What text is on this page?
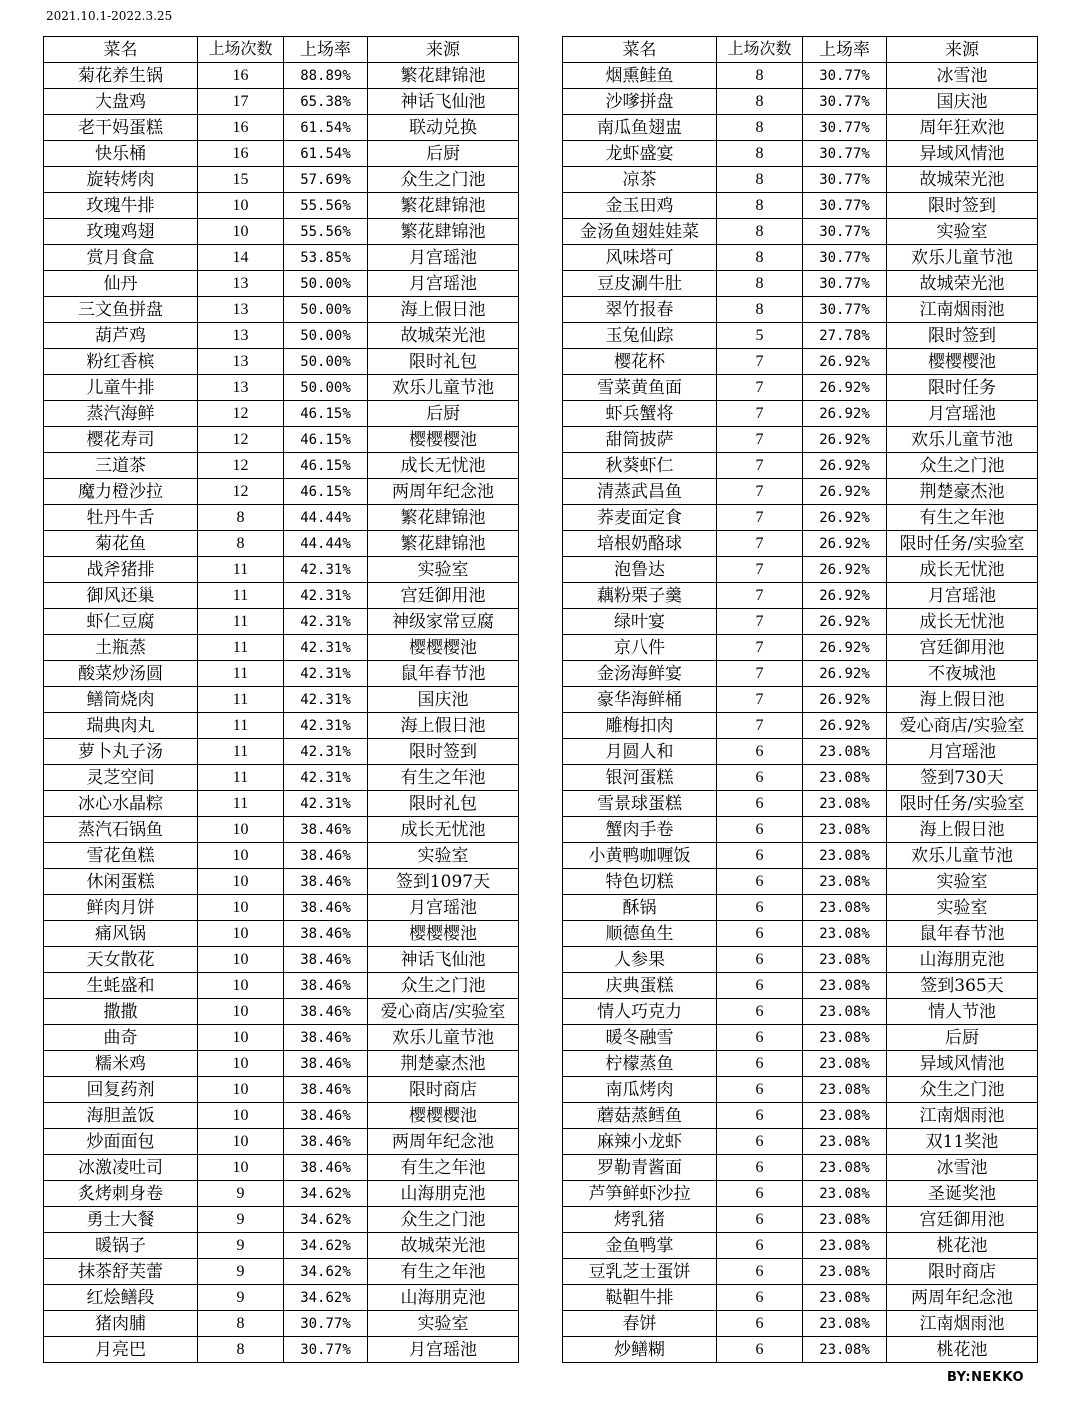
2021.10.1-2022.3.25
菜名	上场次数	上场率	来源
菊花养生锅	16	88.89%	繁花肆锦池
大盘鸡	17	65.38%	神话飞仙池
老干妈蛋糕	16	61.54%	联动兑换
快乐桶	16	61.54%	后厨
旋转烤肉	15	57.69%	众生之门池
玫瑰牛排	10	55.56%	繁花肆锦池
玫瑰鸡翅	10	55.56%	繁花肆锦池
赏月食盒	14	53.85%	月宫瑶池
仙丹	13	50.00%	月宫瑶池
三文鱼拼盘	13	50.00%	海上假日池
葫芦鸡	13	50.00%	故城荣光池
粉红香槟	13	50.00%	限时礼包
儿童牛排	13	50.00%	欢乐儿童节池
蒸汽海鲜	12	46.15%	后厨
樱花寿司	12	46.15%	樱樱樱池
三道茶	12	46.15%	成长无忧池
魔力橙沙拉	12	46.15%	两周年纪念池
牡丹牛舌	8	44.44%	繁花肆锦池
菊花鱼	8	44.44%	繁花肆锦池
战斧猪排	11	42.31%	实验室
御风还巢	11	42.31%	宫廷御用池
虾仁豆腐	11	42.31%	神级家常豆腐
土瓶蒸	11	42.31%	樱樱樱池
酸菜炒汤圆	11	42.31%	鼠年春节池
鳝筒烧肉	11	42.31%	国庆池
瑞典肉丸	11	42.31%	海上假日池
萝卜丸子汤	11	42.31%	限时签到
灵芝空间	11	42.31%	有生之年池
冰心水晶粽	11	42.31%	限时礼包
蒸汽石锅鱼	10	38.46%	成长无忧池
雪花鱼糕	10	38.46%	实验室
休闲蛋糕	10	38.46%	签到1097天
鲜肉月饼	10	38.46%	月宫瑶池
痛风锅	10	38.46%	樱樱樱池
天女散花	10	38.46%	神话飞仙池
生蚝盛和	10	38.46%	众生之门池
撒撒	10	38.46%	爱心商店/实验室
曲奇	10	38.46%	欢乐儿童节池
糯米鸡	10	38.46%	荆楚豪杰池
回复药剂	10	38.46%	限时商店
海胆盖饭	10	38.46%	樱樱樱池
炒面面包	10	38.46%	两周年纪念池
冰激凌吐司	10	38.46%	有生之年池
炙烤刺身卷	9	34.62%	山海朋克池
勇士大餐	9	34.62%	众生之门池
暖锅子	9	34.62%	故城荣光池
抹茶舒芙蕾	9	34.62%	有生之年池
红烩鳝段	9	34.62%	山海朋克池
猪肉脯	8	30.77%	实验室
月亮巴	8	30.77%	月宫瑶池
菜名	上场次数	上场率	来源
烟熏鲑鱼	8	30.77%	冰雪池
沙嗲拼盘	8	30.77%	国庆池
南瓜鱼翅盅	8	30.77%	周年狂欢池
龙虾盛宴	8	30.77%	异域风情池
凉茶	8	30.77%	故城荣光池
金玉田鸡	8	30.77%	限时签到
金汤鱼翅娃娃菜	8	30.77%	实验室
风味塔可	8	30.77%	欢乐儿童节池
豆皮涮牛肚	8	30.77%	故城荣光池
翠竹报春	8	30.77%	江南烟雨池
玉兔仙踪	5	27.78%	限时签到
樱花杯	7	26.92%	樱樱樱池
雪菜黄鱼面	7	26.92%	限时任务
虾兵蟹将	7	26.92%	月宫瑶池
甜筒披萨	7	26.92%	欢乐儿童节池
秋葵虾仁	7	26.92%	众生之门池
清蒸武昌鱼	7	26.92%	荆楚豪杰池
荞麦面定食	7	26.92%	有生之年池
培根奶酪球	7	26.92%	限时任务/实验室
泡鲁达	7	26.92%	成长无忧池
藕粉栗子羹	7	26.92%	月宫瑶池
绿叶宴	7	26.92%	成长无忧池
京八件	7	26.92%	宫廷御用池
金汤海鲜宴	7	26.92%	不夜城池
豪华海鲜桶	7	26.92%	海上假日池
雕梅扣肉	7	26.92%	爱心商店/实验室
月圆人和	6	23.08%	月宫瑶池
银河蛋糕	6	23.08%	签到730天
雪景球蛋糕	6	23.08%	限时任务/实验室
蟹肉手卷	6	23.08%	海上假日池
小黄鸭咖喱饭	6	23.08%	欢乐儿童节池
特色切糕	6	23.08%	实验室
酥锅	6	23.08%	实验室
顺德鱼生	6	23.08%	鼠年春节池
人参果	6	23.08%	山海朋克池
庆典蛋糕	6	23.08%	签到365天
情人巧克力	6	23.08%	情人节池
暖冬融雪	6	23.08%	后厨
柠檬蒸鱼	6	23.08%	异域风情池
南瓜烤肉	6	23.08%	众生之门池
蘑菇蒸鳕鱼	6	23.08%	江南烟雨池
麻辣小龙虾	6	23.08%	双11奖池
罗勒青酱面	6	23.08%	冰雪池
芦笋鲜虾沙拉	6	23.08%	圣诞奖池
烤乳猪	6	23.08%	宫廷御用池
金鱼鸭掌	6	23.08%	桃花池
豆乳芝士蛋饼	6	23.08%	限时商店
鞑靼牛排	6	23.08%	两周年纪念池
春饼	6	23.08%	江南烟雨池
炒鳝糊	6	23.08%	桃花池
BY:NEKKO
